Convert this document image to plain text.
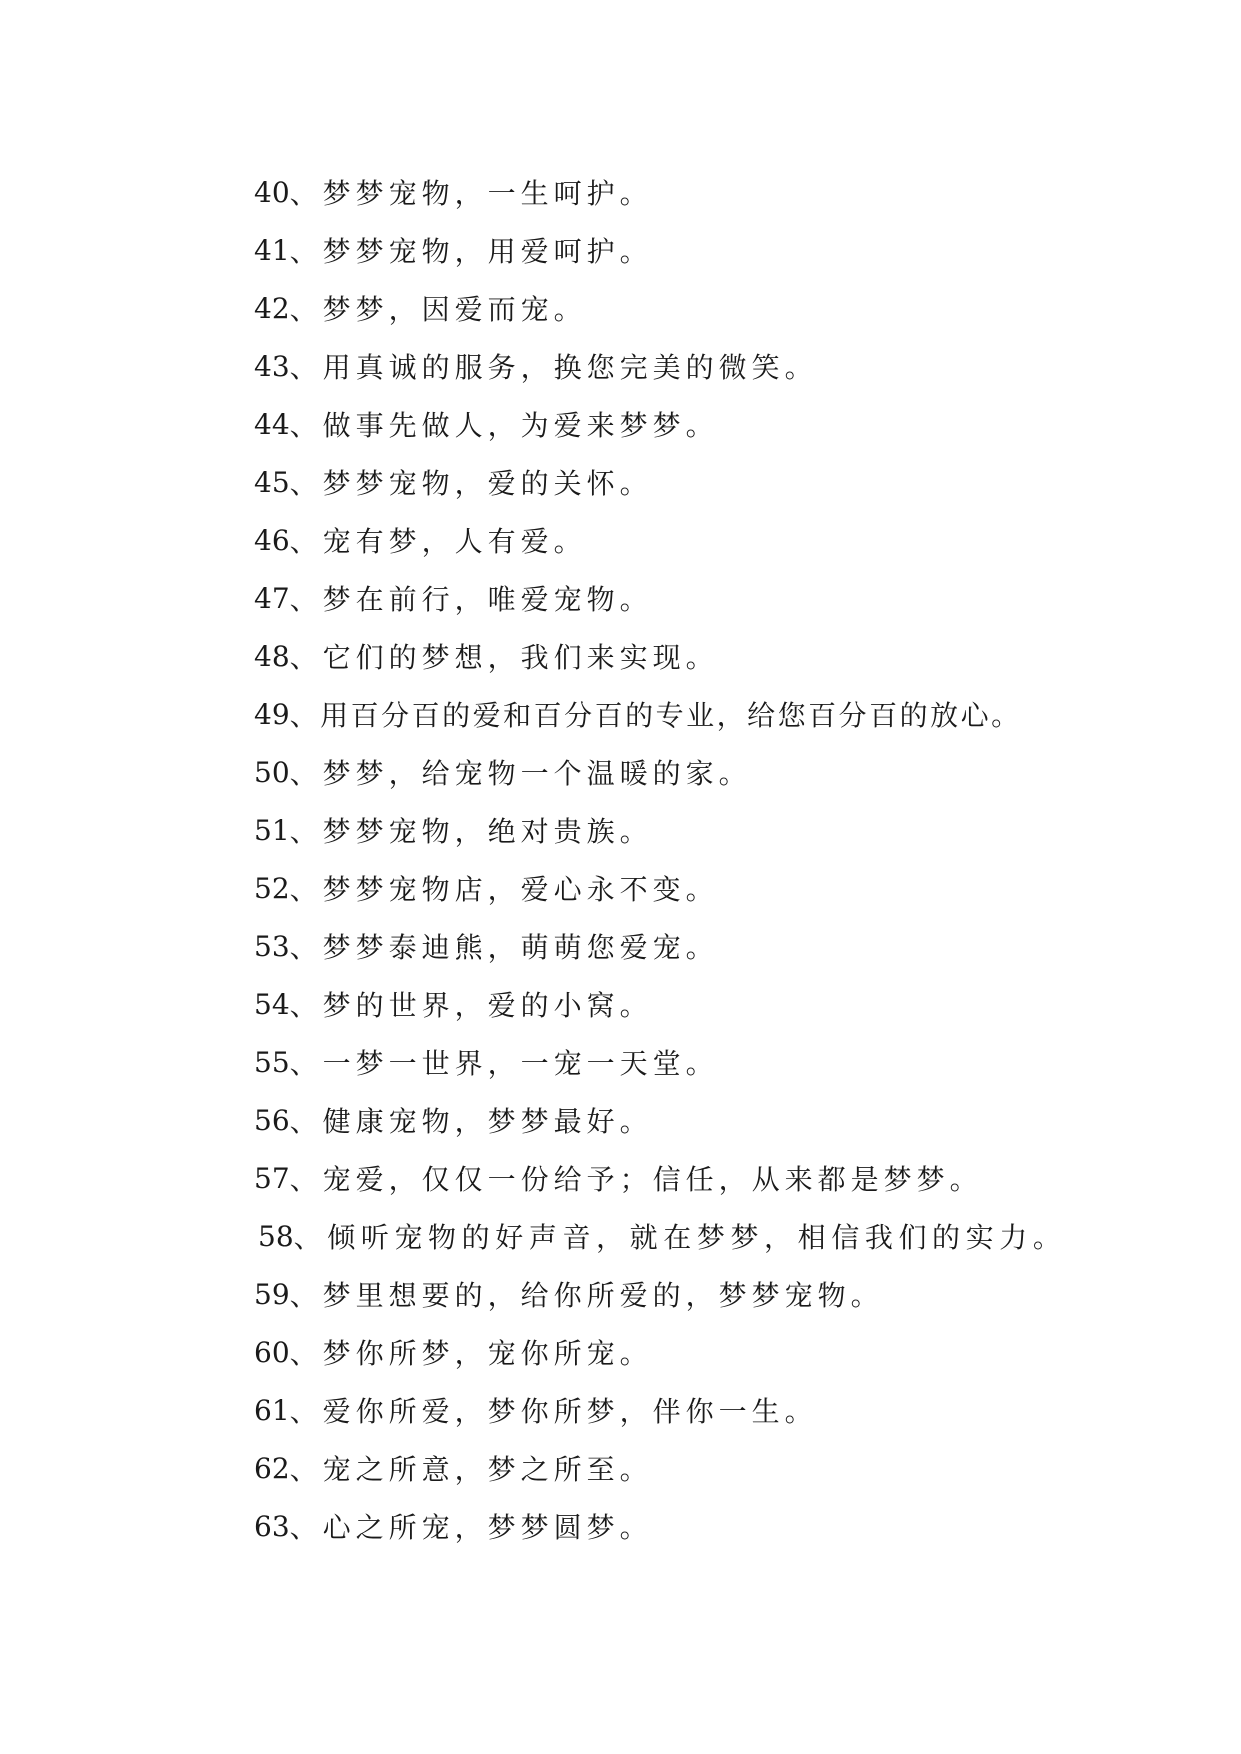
40 、梦梦宠物，一生呵护。
41 、梦梦宠物，用爱呵护。
42 、梦梦，因爱而宠。
43 、用真诚的服务，换您完美的微笑。
44 、做事先做人，为爱来梦梦。
45 、梦梦宠物，爱的关怀。
46 、宠有梦，人有爱。
47 、梦在前行，唯爱宠物。
48 、它们的梦想，我们来实现。
49 、用百分百的爱和百分百的专业，给您百分百的放心。
50 、梦梦，给宠物一个温暖的家。
51 、梦梦宠物，绝对贵族。
52 、梦梦宠物店，爱心永不变。
53 、梦梦泰迪熊，萌萌您爱宠。
54 、梦的世界，爱的小窝。
55 、一梦一世界，一宠一天堂。
56 、健康宠物，梦梦最好。
57 、宠爱，仅仅一份给予；信任，从来都是梦梦。
58 、倾听宠物的好声音，就在梦梦，相信我们的实力。
59 、梦里想要的，给你所爱的，梦梦宠物。
60 、梦你所梦，宠你所宠。
61 、爱你所爱，梦你所梦，伴你一生。
62 、宠之所意，梦之所至。
63 、心之所宠，梦梦圆梦。
